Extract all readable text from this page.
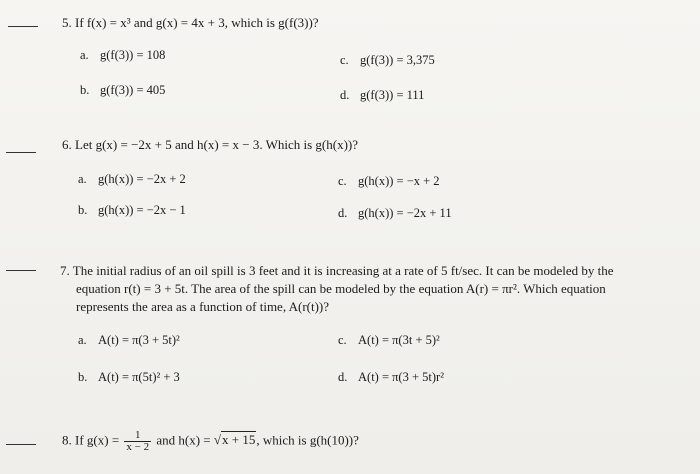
5. If f(x) = x³ and g(x) = 4x + 3, which is g(f(3))?
a. g(f(3)) = 108	c. g(f(3)) = 3,375
b. g(f(3)) = 405	d. g(f(3)) = 111
6. Let g(x) = −2x + 5 and h(x) = x − 3. Which is g(h(x))?
a. g(h(x)) = −2x + 2	c. g(h(x)) = −x + 2
b. g(h(x)) = −2x − 1	d. g(h(x)) = −2x + 11
7. The initial radius of an oil spill is 3 feet and it is increasing at a rate of 5 ft/sec. It can be modeled by the
equation r(t) = 3 + 5t. The area of the spill can be modeled by the equation A(r) = πr². Which equation
represents the area as a function of time, A(r(t))?
a. A(t) = π(3 + 5t)²	c. A(t) = π(3t + 5)²
b. A(t) = π(5t)² + 3	d. A(t) = π(3 + 5t)r²
8. If $g(x) = \frac{1}{x - 2}$ and h(x) = √x + 15, which is g(h(10))?
